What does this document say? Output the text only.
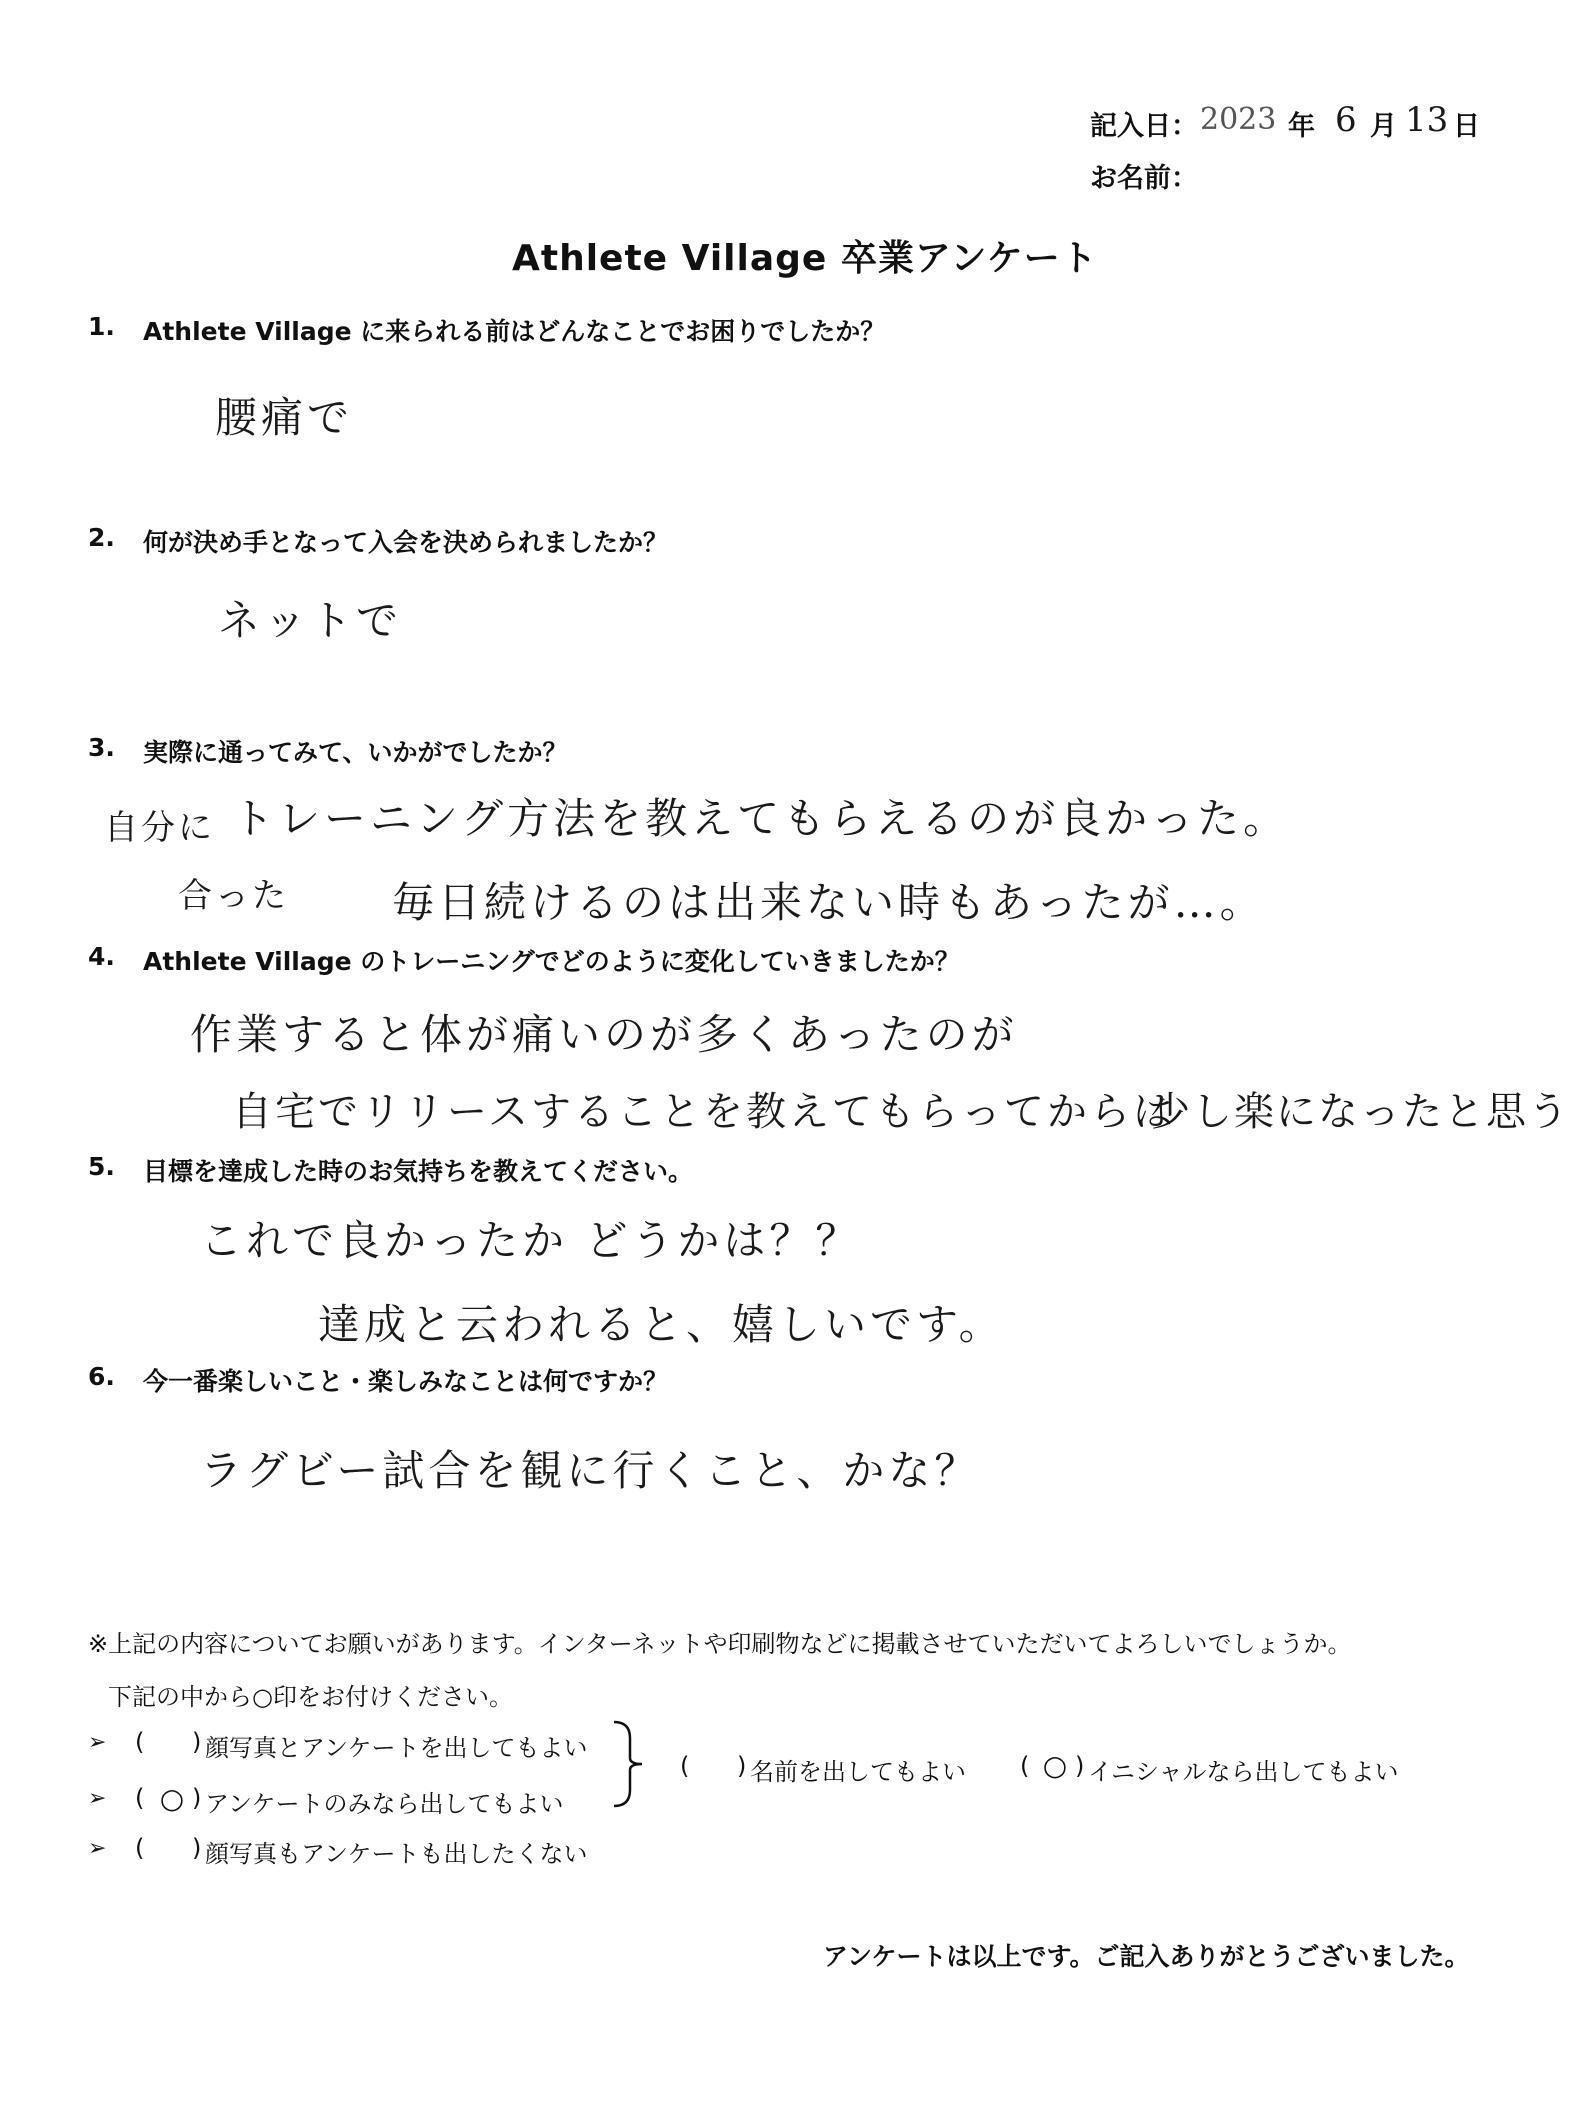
記入日： 2023 年 6 月 13 日
お名前：
Athlete Village 卒業アンケート
1. Athlete Village に来られる前はどんなことでお困りでしたか？
腰痛で
2. 何が決め手となって入会を決められましたか？
ネットで
3. 実際に通ってみて、いかがでしたか？
自分に トレーニング方法を教えてもらえるのが良かった。
合った 毎日続けるのは出来ない時もあったが…。
4. Athlete Village のトレーニングでどのように変化していきましたか？
作業すると体が痛いのが多くあったのが
自宅でリリースすることを教えてもらってからは
少し楽になったと思う
5. 目標を達成した時のお気持ちを教えてください。
これで良かったか どうかは？？
達成と云われると、嬉しいです。
6. 今一番楽しいこと・楽しみなことは何ですか？
ラグビー試合を観に行くこと、かな？
※上記の内容についてお願いがあります。インターネットや印刷物などに掲載させていただいてよろしいでしょうか。
下記の中から○印をお付けください。
➢ ( ) 顔写真とアンケートを出してもよい
➢ ( ○ ) アンケートのみなら出してもよい
➢ ( ) 顔写真もアンケートも出したくない
( ) 名前を出してもよい ( ○ ) イニシャルなら出してもよい
アンケートは以上です。ご記入ありがとうございました。
